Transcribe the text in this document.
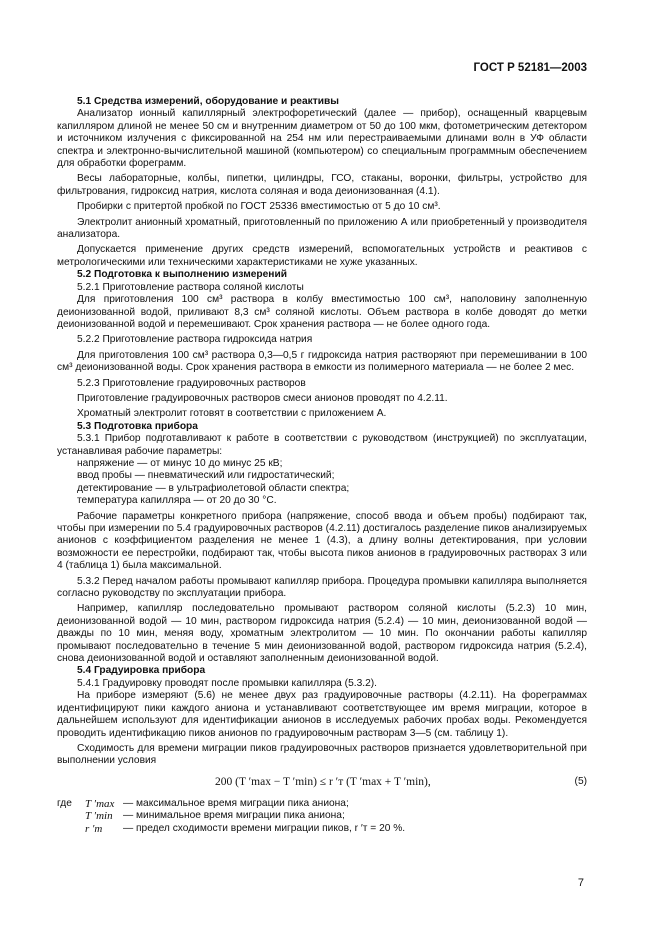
ГОСТ Р 52181—2003

5.1 Средства измерений, оборудование и реактивы

Анализатор ионный капиллярный электрофоретический (далее — прибор), оснащенный кварцевым капилляром длиной не менее 50 см и внутренним диаметром от 50 до 100 мкм, фотометрическим детектором и источником излучения с фиксированной на 254 нм или перестраиваемыми длинами волн в УФ области спектра и электронно-вычислительной машиной (компьютером) со специальным программным обеспечением для обработки фореграмм.

Весы лабораторные, колбы, пипетки, цилиндры, ГСО, стаканы, воронки, фильтры, устройство для фильтрования, гидроксид натрия, кислота соляная и вода деионизованная (4.1).

Пробирки с притертой пробкой по ГОСТ 25336 вместимостью от 5 до 10 см³.

Электролит анионный хроматный, приготовленный по приложению А или приобретенный у производителя анализатора.

Допускается применение других средств измерений, вспомогательных устройств и реактивов с метрологическими или техническими характеристиками не хуже указанных.

5.2 Подготовка к выполнению измерений

5.2.1 Приготовление раствора соляной кислоты

Для приготовления 100 см³ раствора в колбу вместимостью 100 см³, наполовину заполненную деионизованной водой, приливают 8,3 см³ соляной кислоты. Объем раствора в колбе доводят до метки деионизованной водой и перемешивают. Срок хранения раствора — не более одного года.

5.2.2 Приготовление раствора гидроксида натрия

Для приготовления 100 см³ раствора 0,3—0,5 г гидроксида натрия растворяют при перемешивании в 100 см³ деионизованной воды. Срок хранения раствора в емкости из полимерного материала — не более 2 мес.

5.2.3 Приготовление градуировочных растворов

Приготовление градуировочных растворов смеси анионов проводят по 4.2.11.

Хроматный электролит готовят в соответствии с приложением А.

5.3 Подготовка прибора

5.3.1 Прибор подготавливают к работе в соответствии с руководством (инструкцией) по эксплуатации, устанавливая рабочие параметры:

напряжение — от минус 10 до минус 25 кВ;

ввод пробы — пневматический или гидростатический;

детектирование — в ультрафиолетовой области спектра;

температура капилляра — от 20 до 30 °С.

Рабочие параметры конкретного прибора (напряжение, способ ввода и объем пробы) подбирают так, чтобы при измерении по 5.4 градуировочных растворов (4.2.11) достигалось разделение пиков анализируемых анионов с коэффициентом разделения не менее 1 (4.3), а длину волны детектирования, при условии возможности ее перестройки, подбирают так, чтобы высота пиков анионов в градуировочных растворах 3 или 4 (таблица 1) была максимальной.

5.3.2 Перед началом работы промывают капилляр прибора. Процедура промывки капилляра выполняется согласно руководству по эксплуатации прибора.

Например, капилляр последовательно промывают раствором соляной кислоты (5.2.3) 10 мин, деионизованной водой — 10 мин, раствором гидроксида натрия (5.2.4) — 10 мин, деионизованной водой — дважды по 10 мин, меняя воду, хроматным электролитом — 10 мин. По окончании работы капилляр промывают последовательно в течение 5 мин деионизованной водой, раствором гидроксида натрия (5.2.4), снова деионизованной водой и оставляют заполненным деионизованной водой.

5.4 Градуировка прибора

5.4.1 Градуировку проводят после промывки капилляра (5.3.2).

На приборе измеряют (5.6) не менее двух раз градуировочные растворы (4.2.11). На фореграммах идентифицируют пики каждого аниона и устанавливают соответствующее им время миграции, которое в дальнейшем используют для идентификации анионов в исследуемых рабочих пробах воды. Рекомендуется проводить идентификацию пиков анионов по градуировочным растворам 3—5 (см. таблицу 1).

Сходимость для времени миграции пиков градуировочных растворов признается удовлетворительной при выполнении условия

200 (T ′max − T ′min) ≤ r ′т (T ′max + T ′min),	(5)
где	T ′max — максимальное время миграции пика аниона;
T ′min	— минимальное время миграции пика аниона;
r ′т	— предел сходимости времени миграции пиков, r ′т = 20 %.
7
